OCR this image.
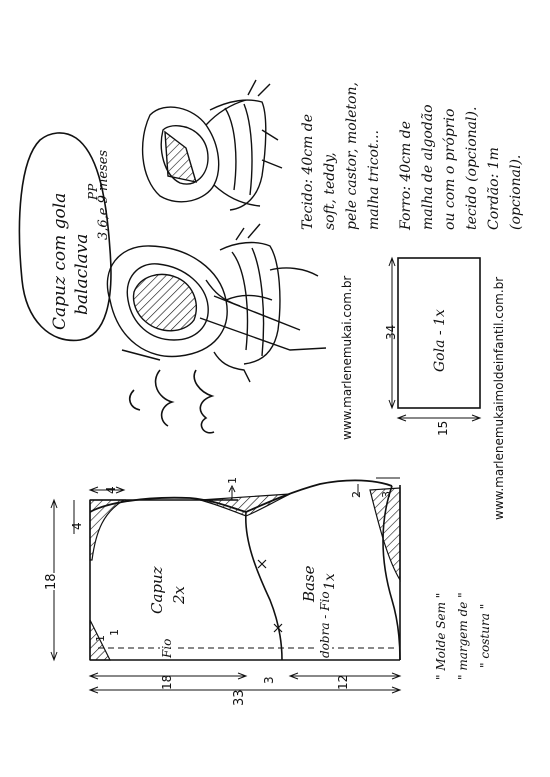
Capuz com gola balaclava
PP
3,6,e 9 meses	Tecido: 40cm de soft, teddy, pele castor, moleton, malha tricot... Forro: 40cm de malha de algodão ou com o próprio tecido (opcional). Cordão: 1m (opcional).
www.marlenemukai.com.br	www.marlenemukaimoldeinfantil.com.br
Gola - 1x
34
15
Capuz 2x	Base 1x
Fio	dobra - Fio
18
33
18	3	12
4
4
1
1
2 3
1	" Molde Sem " " margem de " " costura "
